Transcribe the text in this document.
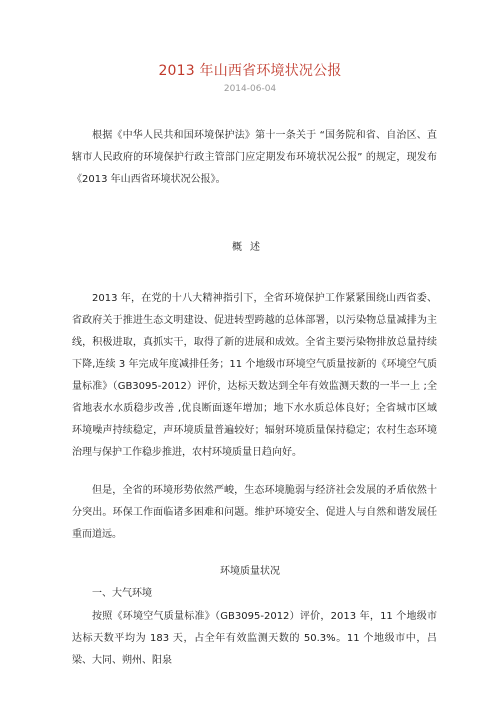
2013 年山西省环境状况公报
2014-06-04

根据《中华人民共和国环境保护法》第十一条关于 “国务院和省、自治区、直辖市人民政府的环境保护行政主管部门应定期发布环境状况公报” 的规定，现发布《2013 年山西省环境状况公报》。

概述

2013 年，在党的十八大精神指引下，全省环境保护工作紧紧围绕山西省委、省政府关于推进生态文明建设、促进转型跨越的总体部署，以污染物总量减排为主线，积极进取，真抓实干，取得了新的进展和成效。全省主要污染物排放总量持续下降,连续 3 年完成年度减排任务；11 个地级市环境空气质量按新的《环境空气质量标准》（GB3095-2012）评价，达标天数达到全年有效监测天数的一半一上 ;全省地表水水质稳步改善 ,优良断面逐年增加；地下水水质总体良好；全省城市区域环境噪声持续稳定，声环境质量普遍较好；辐射环境质量保持稳定；农村生态环境治理与保护工作稳步推进，农村环境质量日趋向好。

但是，全省的环境形势依然严峻，生态环境脆弱与经济社会发展的矛盾依然十分突出。环保工作面临诸多困难和问题。维护环境安全、促进人与自然和谐发展任重而道远。

环境质量状况
一、大气环境

按照《环境空气质量标准》（GB3095-2012）评价，2013 年，11 个地级市达标天数平均为 183 天，占全年有效监测天数的 50.3%。11 个地级市中，吕梁、大同、朔州、阳泉
